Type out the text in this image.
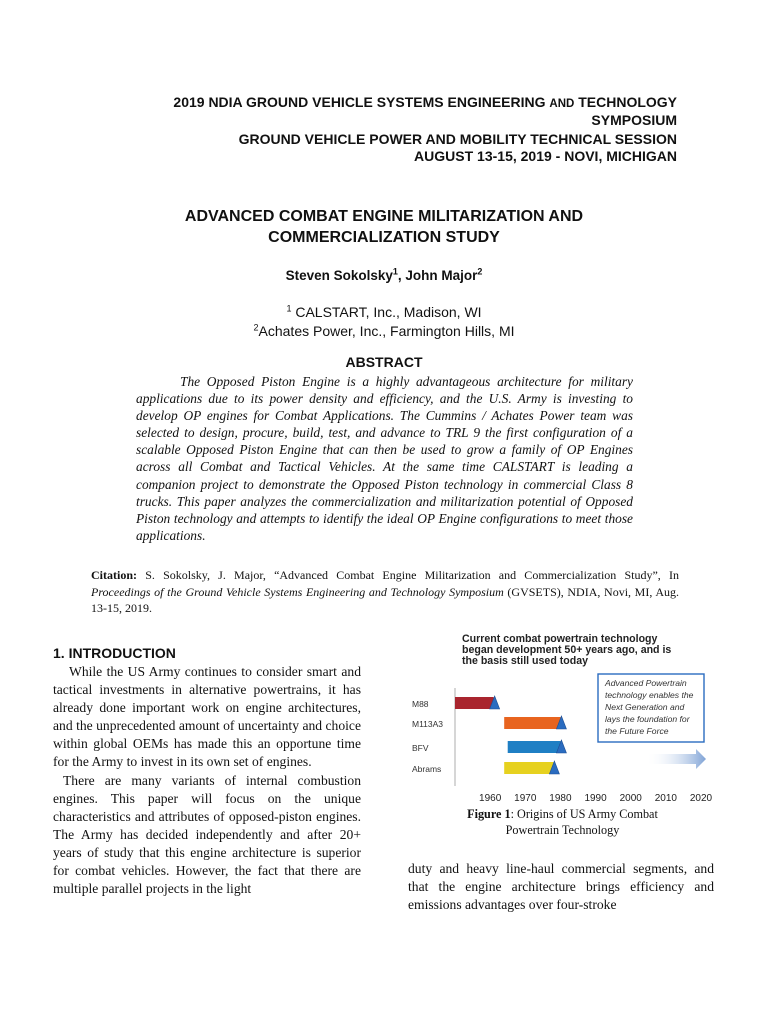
2019 NDIA GROUND VEHICLE SYSTEMS ENGINEERING AND TECHNOLOGY
SYMPOSIUM
GROUND VEHICLE POWER AND MOBILITY TECHNICAL SESSION
AUGUST 13-15, 2019 - NOVI, MICHIGAN
ADVANCED COMBAT ENGINE MILITARIZATION AND
COMMERCIALIZATION STUDY
Steven Sokolsky$^1$, John Major$^2$
$^1$ CALSTART, Inc., Madison, WI
$^2$Achates Power, Inc., Farmington Hills, MI
ABSTRACT

The Opposed Piston Engine is a highly advantageous architecture for military applications due to its power density and efficiency, and the U.S. Army is investing to develop OP engines for Combat Applications. The Cummins / Achates Power team was selected to design, procure, build, test, and advance to TRL 9 the first configuration of a scalable Opposed Piston Engine that can then be used to grow a family of OP Engines across all Combat and Tactical Vehicles. At the same time CALSTART is leading a companion project to demonstrate the Opposed Piston technology in commercial Class 8 trucks. This paper analyzes the commercialization and militarization potential of Opposed Piston technology and attempts to identify the ideal OP Engine configurations to meet those applications.

Citation: S. Sokolsky, J. Major, “Advanced Combat Engine Militarization and Commercialization Study”, In Proceedings of the Ground Vehicle Systems Engineering and Technology Symposium (GVSETS), NDIA, Novi, MI, Aug. 13-15, 2019.
1. INTRODUCTION

While the US Army continues to consider smart and tactical investments in alternative powertrains, it has already done important work on engine architectures, and the unprecedented amount of uncertainty and choice within global OEMs has made this an opportune time for the Army to invest in its own set of engines.

There are many variants of internal combustion engines. This paper will focus on the unique characteristics and attributes of opposed-piston engines. The Army has decided independently and after 20+ years of study that this engine architecture is superior for combat vehicles. However, the fact that there are multiple parallel projects in the light

duty and heavy line-haul commercial segments, and that the engine architecture brings efficiency and emissions advantages over four-stroke
Current combat powertrain technology
began development 50+ years ago, and is
the basis still used today
Advanced Powertrain
technology enables the
Next Generation and
lays the foundation for
the Future Force
M88
M113A3
BFV
Abrams
1960 1970 1980 1990 2000 2010 2020
Figure 1: Origins of US Army Combat
Powertrain Technology
